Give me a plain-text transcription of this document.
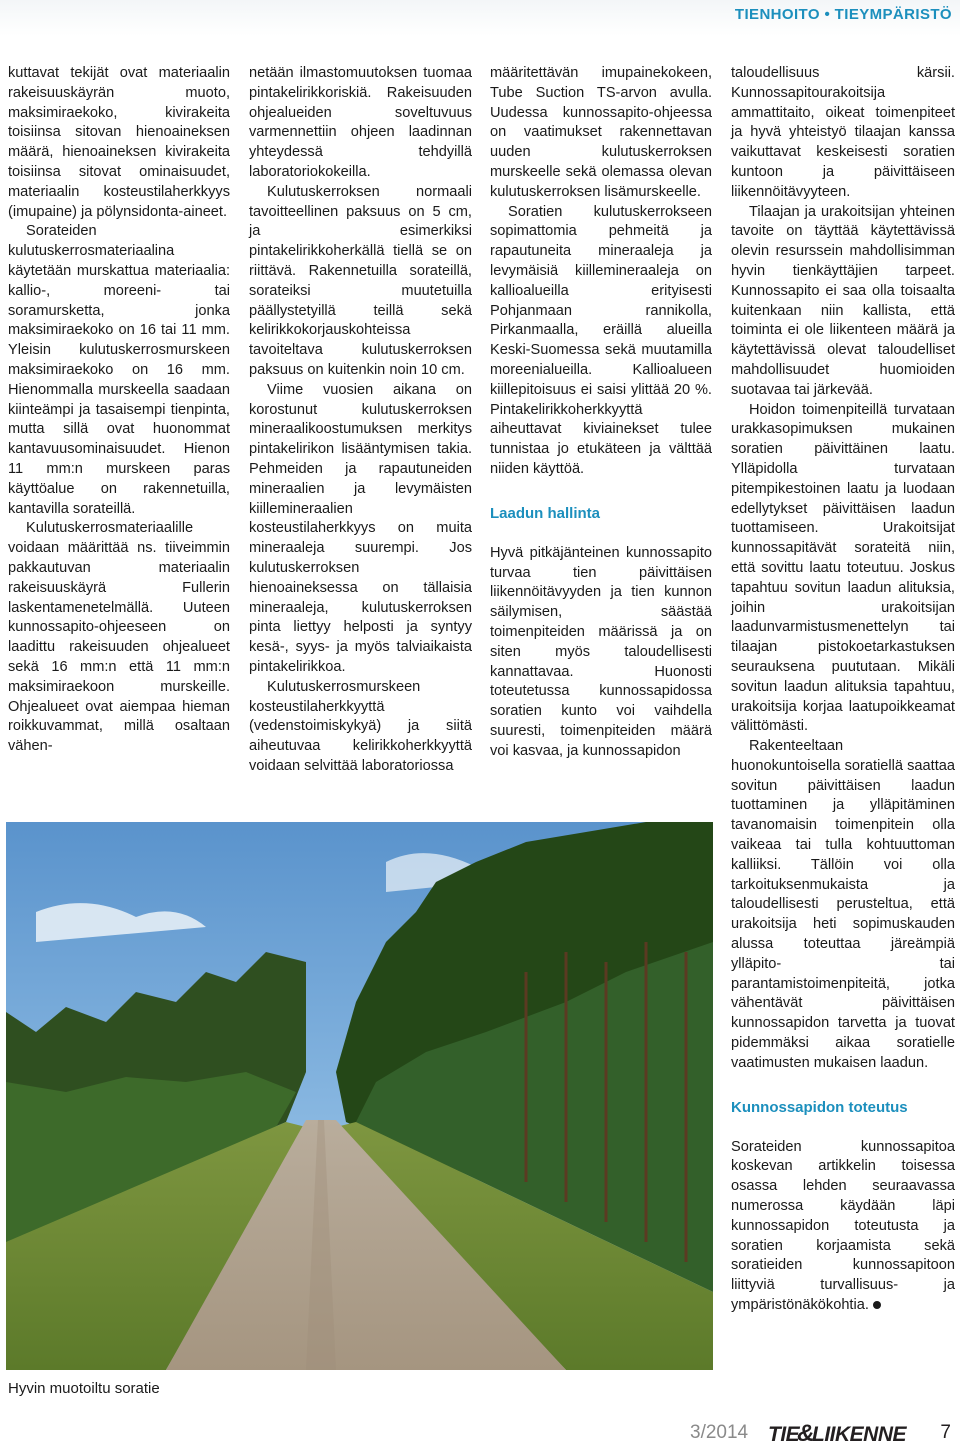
TIENHOITO • TIEYMPÄRISTÖ

kuttavat tekijät ovat materiaalin rakeisuuskäyrän muoto, maksimiraekoko, kivirakeita toisiinsa sitovan hienoaineksen määrä, hienoaineksen kivirakeita toisiinsa sitovat ominaisuudet, materiaalin kosteustilaherkkyys (imupaine) ja pölynsidonta-aineet.

Sorateiden kulutuskerrosmateriaalina käytetään murskattua materiaalia: kallio-, moreeni- tai soramursketta, jonka maksimiraekoko on 16 tai 11 mm. Yleisin kulutuskerrosmurskeen maksimiraekoko on 16 mm. Hienommalla murskeella saadaan kiinteämpi ja tasaisempi tienpinta, mutta sillä ovat huonommat kantavuusominaisuudet. Hienon 11 mm:n murskeen paras käyttöalue on rakennetuilla, kantavilla sorateillä.

Kulutuskerrosmateriaalille voidaan määrittää ns. tiiveimmin pakkautuvan materiaalin rakeisuuskäyrä Fullerin laskentamenetelmällä. Uuteen kunnossapito-ohjeeseen on laadittu rakeisuuden ohjealueet sekä 16 mm:n että 11 mm:n maksimiraekoon murskeille. Ohjealueet ovat aiempaa hieman roikkuvammat, millä osaltaan vähen-

netään ilmastomuutoksen tuomaa pintakelirikkoriskiä. Rakeisuuden ohjealueiden soveltuvuus varmennettiin ohjeen laadinnan yhteydessä tehdyillä laboratoriokokeilla.

Kulutuskerroksen normaali tavoitteellinen paksuus on 5 cm, ja esimerkiksi pintakelirikkoherkällä tiellä se on riittävä. Rakennetuilla sorateillä, sorateiksi muutetuilla päällystetyillä teillä sekä kelirikkokorjauskohteissa tavoiteltava kulutuskerroksen paksuus on kuitenkin noin 10 cm.

Viime vuosien aikana on korostunut kulutuskerroksen mineraalikoostumuksen merkitys pintakelirikon lisääntymisen takia. Pehmeiden ja rapautuneiden mineraalien ja levymäisten kiillemineraalien kosteustilaherkkyys on muita mineraaleja suurempi. Jos kulutuskerroksen hienoaineksessa on tällaisia mineraaleja, kulutuskerroksen pinta liettyy helposti ja syntyy kesä-, syys- ja myös talviaikaista pintakelirikkoa.

Kulutuskerrosmurskeen kosteustilaherkkyyttä (vedenstoimiskykyä) ja siitä aiheutuvaa kelirikkoherkkyyttä voidaan selvittää laboratoriossa

määritettävän imupainekokeen, Tube Suction TS-arvon avulla. Uudessa kunnossapito-ohjeessa on vaatimukset rakennettavan uuden kulutuskerroksen murskeelle sekä olemassa olevan kulutuskerroksen lisämurskeelle.

Soratien kulutuskerrokseen sopimattomia pehmeitä ja rapautuneita mineraaleja ja levymäisiä kiillemineraaleja on kallioalueilla erityisesti Pohjanmaan rannikolla, Pirkanmaalla, eräillä alueilla Keski-Suomessa sekä muutamilla moreenialueilla. Kallioalueen kiillepitoisuus ei saisi ylittää 20 %. Pintakelirikkoherkkyyttä aiheuttavat kiviainekset tulee tunnistaa jo etukäteen ja välttää niiden käyttöä.

Laadun hallinta

Hyvä pitkäjänteinen kunnossapito turvaa tien päivittäisen liikennöitävyyden ja tien kunnon säilymisen, säästää toimenpiteiden määrissä ja on siten myös taloudellisesti kannattavaa. Huonosti toteutetussa kunnossapidossa soratien kunto voi vaihdella suuresti, toimenpiteiden määrä voi kasvaa, ja kunnossapidon

taloudellisuus kärsii. Kunnossapitourakoitsija ammattitaito, oikeat toimenpiteet ja hyvä yhteistyö tilaajan kanssa vaikuttavat keskeisesti soratien kuntoon ja päivittäiseen liikennöitävyyteen.

Tilaajan ja urakoitsijan yhteinen tavoite on täyttää käytettävissä olevin resurssein mahdollisimman hyvin tienkäyttäjien tarpeet. Kunnossapito ei saa olla toisaalta kuitenkaan niin kallista, että toiminta ei ole liikenteen määrä ja käytettävissä olevat taloudelliset mahdollisuudet huomioiden suotavaa tai järkevää.

Hoidon toimenpiteillä turvataan urakkasopimuksen mukainen soratien päivittäinen laatu. Ylläpidolla turvataan pitempikestoinen laatu ja luodaan edellytykset päivittäisen laadun tuottamiseen. Urakoitsijat kunnossapitävät sorateitä niin, että sovittu laatu toteutuu. Joskus tapahtuu sovitun laadun alituksia, joihin urakoitsijan laadunvarmistusmenettelyn tai tilaajan pistokoetarkastuksen seurauksena puututaan. Mikäli sovitun laadun alituksia tapahtuu, urakoitsija korjaa laatupoikkeamat välittömästi.

Rakenteeltaan huonokuntoisella soratiellä saattaa sovitun päivittäisen laadun tuottaminen ja ylläpitäminen tavanomaisin toimenpitein olla vaikeaa tai tulla kohtuuttoman kalliiksi. Tällöin voi olla tarkoituksenmukaista ja taloudellisesti perusteltua, että urakoitsija heti sopimuskauden alussa toteuttaa järeämpiä ylläpito- tai parantamistoimenpiteitä, jotka vähentävät päivittäisen kunnossapidon tarvetta ja tuovat pidemmäksi aikaa soratielle vaatimusten mukaisen laadun.

Kunnossapidon toteutus

Sorateiden kunnossapitoa koskevan artikkelin toisessa osassa lehden seuraavassa numerossa käydään läpi kunnossapidon toteutusta ja soratien korjaamista sekä soratieiden kunnossapitoon liittyviä turvallisuus- ja ympäristönäkökohtia.

Hyvin muotoiltu soratie
3/2014 TIE&LIIKENNE 7
